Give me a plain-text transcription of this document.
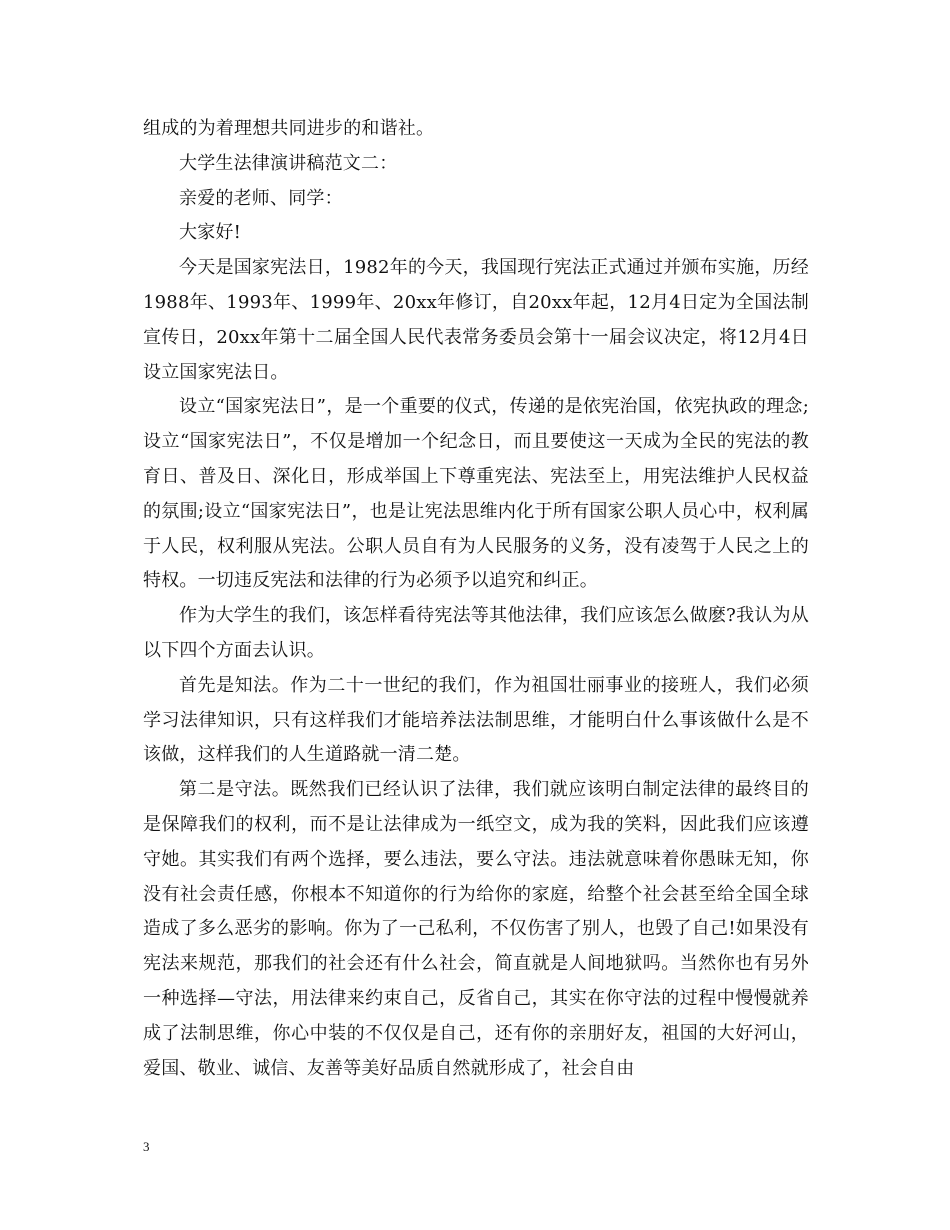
组成的为着理想共同进步的和谐社。

大学生法律演讲稿范文二：

亲爱的老师、同学：

大家好!

今天是国家宪法日，1982年的今天，我国现行宪法正式通过并颁布实施，历经1988年、1993年、1999年、20xx年修订，自20xx年起，12月4日定为全国法制宣传日，20xx年第十二届全国人民代表常务委员会第十一届会议决定，将12月4日设立国家宪法日。

设立“国家宪法日”，是一个重要的仪式，传递的是依宪治国，依宪执政的理念;设立“国家宪法日”，不仅是增加一个纪念日，而且要使这一天成为全民的宪法的教育日、普及日、深化日，形成举国上下尊重宪法、宪法至上，用宪法维护人民权益的氛围;设立“国家宪法日”，也是让宪法思维内化于所有国家公职人员心中，权利属于人民，权利服从宪法。公职人员自有为人民服务的义务，没有凌驾于人民之上的特权。一切违反宪法和法律的行为必须予以追究和纠正。

作为大学生的我们，该怎样看待宪法等其他法律，我们应该怎么做麽?我认为从以下四个方面去认识。

首先是知法。作为二十一世纪的我们，作为祖国壮丽事业的接班人，我们必须学习法律知识，只有这样我们才能培养法法制思维，才能明白什么事该做什么是不该做，这样我们的人生道路就一清二楚。

第二是守法。既然我们已经认识了法律，我们就应该明白制定法律的最终目的是保障我们的权利，而不是让法律成为一纸空文，成为我的笑料，因此我们应该遵守她。其实我们有两个选择，要么违法，要么守法。违法就意味着你愚昧无知，你没有社会责任感，你根本不知道你的行为给你的家庭，给整个社会甚至给全国全球造成了多么恶劣的影响。你为了一己私利，不仅伤害了别人，也毁了自己!如果没有宪法来规范，那我们的社会还有什么社会，简直就是人间地狱吗。当然你也有另外一种选择—守法，用法律来约束自己，反省自己，其实在你守法的过程中慢慢就养成了法制思维，你心中装的不仅仅是自己，还有你的亲朋好友，祖国的大好河山，爱国、敬业、诚信、友善等美好品质自然就形成了，社会自由

3
